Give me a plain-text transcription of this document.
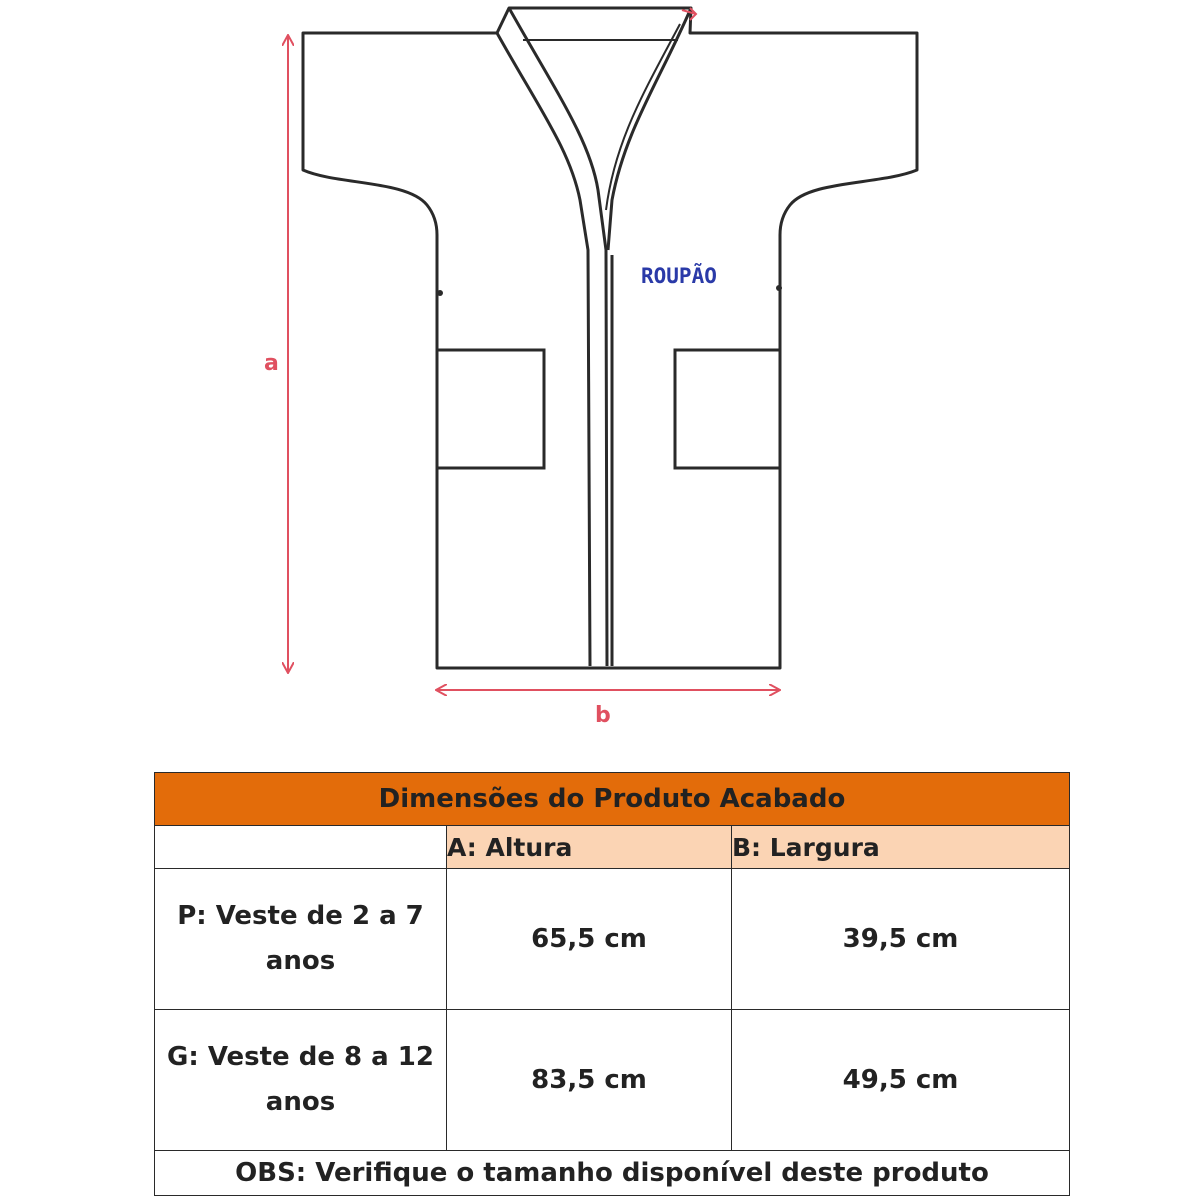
ROUPÃO
a
b
Dimensões do Produto Acabado		
	A: Altura	B: Largura
P: Veste de 2 a 7 anos	65,5 cm	39,5 cm
G: Veste de 8 a 12 anos	83,5 cm	49,5 cm
OBS: Verifique o tamanho disponível deste produto		
